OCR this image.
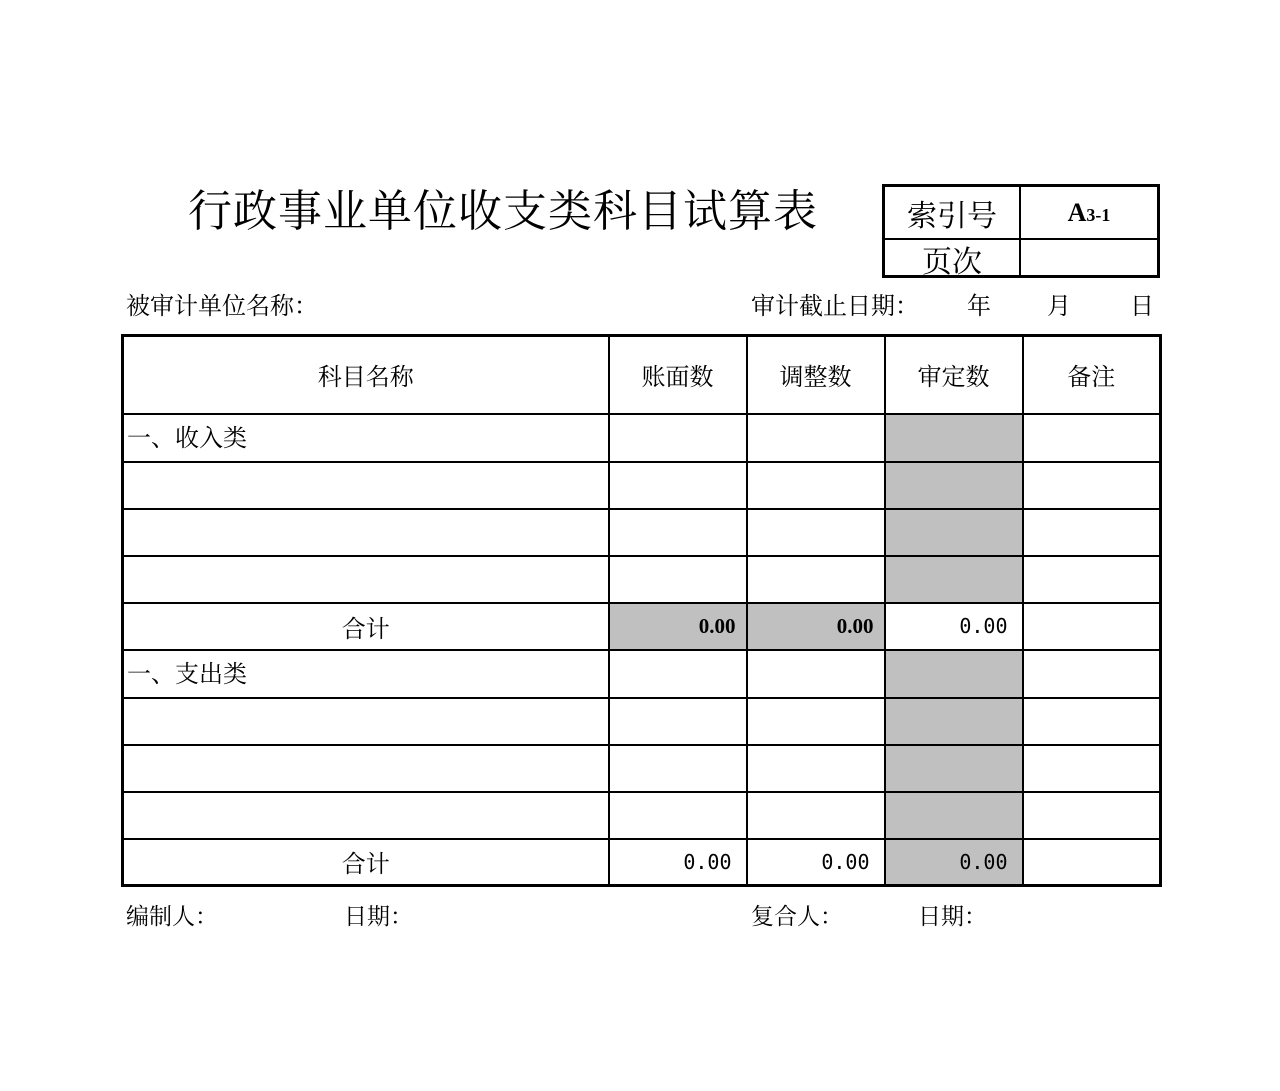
行政事业单位收支类科目试算表	索引号	A 3-1
页次
被审计单位名称：	审计截止日期： 年 月 日
科目名称	账面数	调整数	审定数	备注
一、收入类				

合计	0.00	0.00	0.00	
一、支出类				

合计	0.00	0.00	0.00	
编制人：	日期：	复合人：	日期：
